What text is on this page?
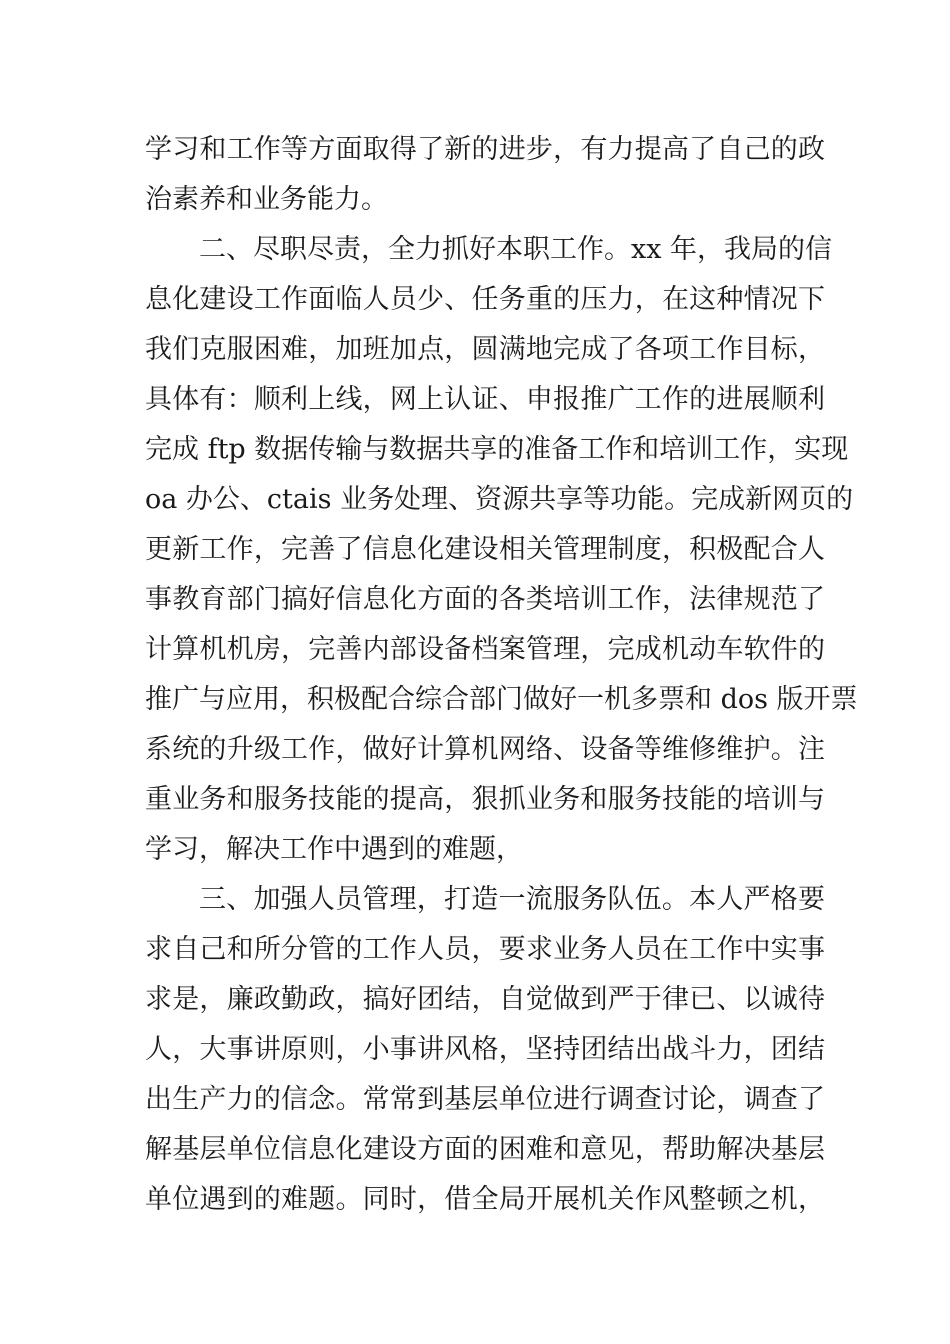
学习和工作等方面取得了新的进步，有力提高了自己的政
治素养和业务能力。
二、尽职尽责，全力抓好本职工作。xx 年，我局的信
息化建设工作面临人员少、任务重的压力，在这种情况下
我们克服困难，加班加点，圆满地完成了各项工作目标，
具体有：顺利上线，网上认证、申报推广工作的进展顺利
完成 ftp 数据传输与数据共享的准备工作和培训工作，实现
oa 办公、ctais 业务处理、资源共享等功能。完成新网页的
更新工作，完善了信息化建设相关管理制度，积极配合人
事教育部门搞好信息化方面的各类培训工作，法律规范了
计算机机房，完善内部设备档案管理，完成机动车软件的
推广与应用，积极配合综合部门做好一机多票和 dos 版开票
系统的升级工作，做好计算机网络、设备等维修维护。注
重业务和服务技能的提高，狠抓业务和服务技能的培训与
学习，解决工作中遇到的难题，
三、加强人员管理，打造一流服务队伍。本人严格要
求自己和所分管的工作人员，要求业务人员在工作中实事
求是，廉政勤政，搞好团结，自觉做到严于律已、以诚待
人，大事讲原则，小事讲风格，坚持团结出战斗力，团结
出生产力的信念。常常到基层单位进行调查讨论，调查了
解基层单位信息化建设方面的困难和意见，帮助解决基层
单位遇到的难题。同时，借全局开展机关作风整顿之机，
